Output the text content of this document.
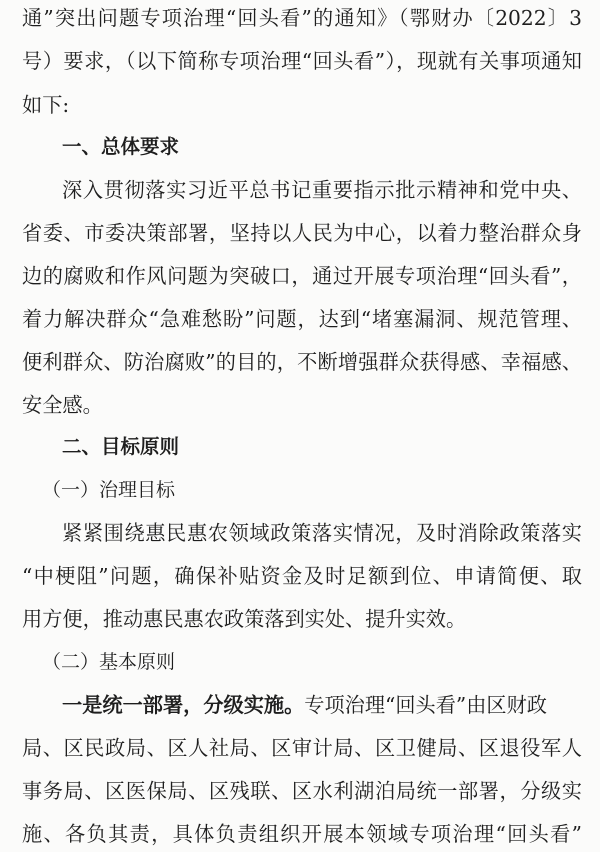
通”突出问题专项治理“回头看”的通知》（鄂财办〔2022〕3
号）要求，（以下简称专项治理“回头看”），现就有关事项通知
如下:
一、总体要求
深入贯彻落实习近平总书记重要指示批示精神和党中央、
省委、市委决策部署，坚持以人民为中心，以着力整治群众身
边的腐败和作风问题为突破口，通过开展专项治理“回头看”，
着力解决群众“急难愁盼”问题，达到“堵塞漏洞、规范管理、
便利群众、防治腐败”的目的，不断增强群众获得感、幸福感、
安全感。
二、目标原则
（一）治理目标
紧紧围绕惠民惠农领域政策落实情况，及时消除政策落实
“中梗阻”问题，确保补贴资金及时足额到位、申请简便、取
用方便，推动惠民惠农政策落到实处、提升实效。
（二）基本原则
一是统一部署，分级实施。专项治理“回头看”由区财政
局、区民政局、区人社局、区审计局、区卫健局、区退役军人
事务局、区医保局、区残联、区水利湖泊局统一部署，分级实
施、各负其责，具体负责组织开展本领域专项治理“回头看”
